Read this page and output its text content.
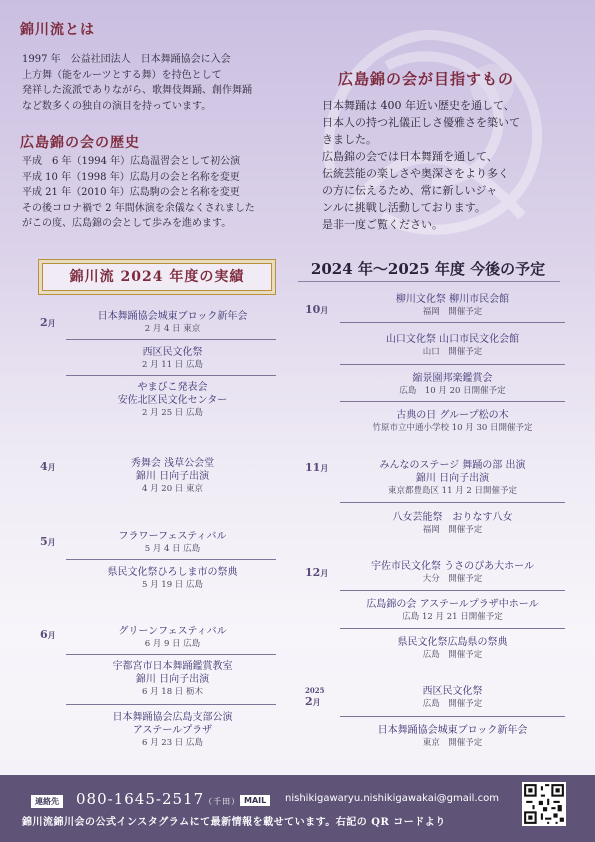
錦川流とは
1997 年　公益社団法人　日本舞踊協会に入会
上方舞（能をルーツとする舞）を持色として
発祥した流派でありながら、歌舞伎舞踊、創作舞踊
など数多くの独自の演目を持っています。
広島錦の会の歴史
平成　6 年（1994 年）広島温習会として初公演
平成 10 年（1998 年）広島月の会と名称を変更
平成 21 年（2010 年）広島駒の会と名称を変更
その後コロナ禍で 2 年間休演を余儀なくされました
がこの度、広島錦の会として歩みを進めます。
広島錦の会が目指すもの
日本舞踊は 400 年近い歴史を通して、
日本人の持つ礼儀正しさ優雅さを築いて
きました。
広島錦の会では日本舞踊を通して、
伝統芸能の楽しさや奥深さをより多く
の方に伝えるため、常に新しいジャ
ンルに挑戦し活動しております。
是非一度ご覧ください。
錦川流 2024 年度の実績	2024 年〜2025 年度 今後の予定
2月
4月
5月
6月
日本舞踊協会城東ブロック新年会
2 月 4 日 東京
西区民文化祭
2 月 11 日 広島
やまびこ発表会
安佐北区民文化センター
2 月 25 日 広島
秀舞会 浅草公会堂
錦川 日向子出演
4 月 20 日 東京
フラワーフェスティバル
5 月 4 日 広島
県民文化祭ひろしま市の祭典
5 月 19 日 広島
グリーンフェスティバル
6 月 9 日 広島
宇都宮市日本舞踊鑑賞教室
錦川 日向子出演
6 月 18 日 栃木
日本舞踊協会広島支部公演
アステールプラザ
6 月 23 日 広島
10月
11月
12月
2025
2月
柳川文化祭 柳川市民会館
福岡　開催予定
山口文化祭 山口市民文化会館
山口　開催予定
縮景園邦楽鑑賞会
広島　10 月 20 日開催予定
古典の日 グループ松の木
竹原市立中通小学校 10 月 30 日開催予定
みんなのステージ 舞踊の部 出演
錦川 日向子出演
東京都豊島区 11 月 2 日開催予定
八女芸能祭　おりなす八女
福岡　開催予定
宇佐市民文化祭 うさのぴあ大ホール
大分　開催予定
広島錦の会 アステールプラザ中ホール
広島 12 月 21 日開催予定
県民文化祭広島県の祭典
広島　開催予定
西区民文化祭
広島　開催予定
日本舞踊協会城東ブロック新年会
東京　開催予定
連絡先 080-1645-2517（千田） MAIL	nishikigawaryu.nishikigawakai@gmail.com
錦川流錦川会の公式インスタグラムにて最新情報を載せています。右記の QR コードより
